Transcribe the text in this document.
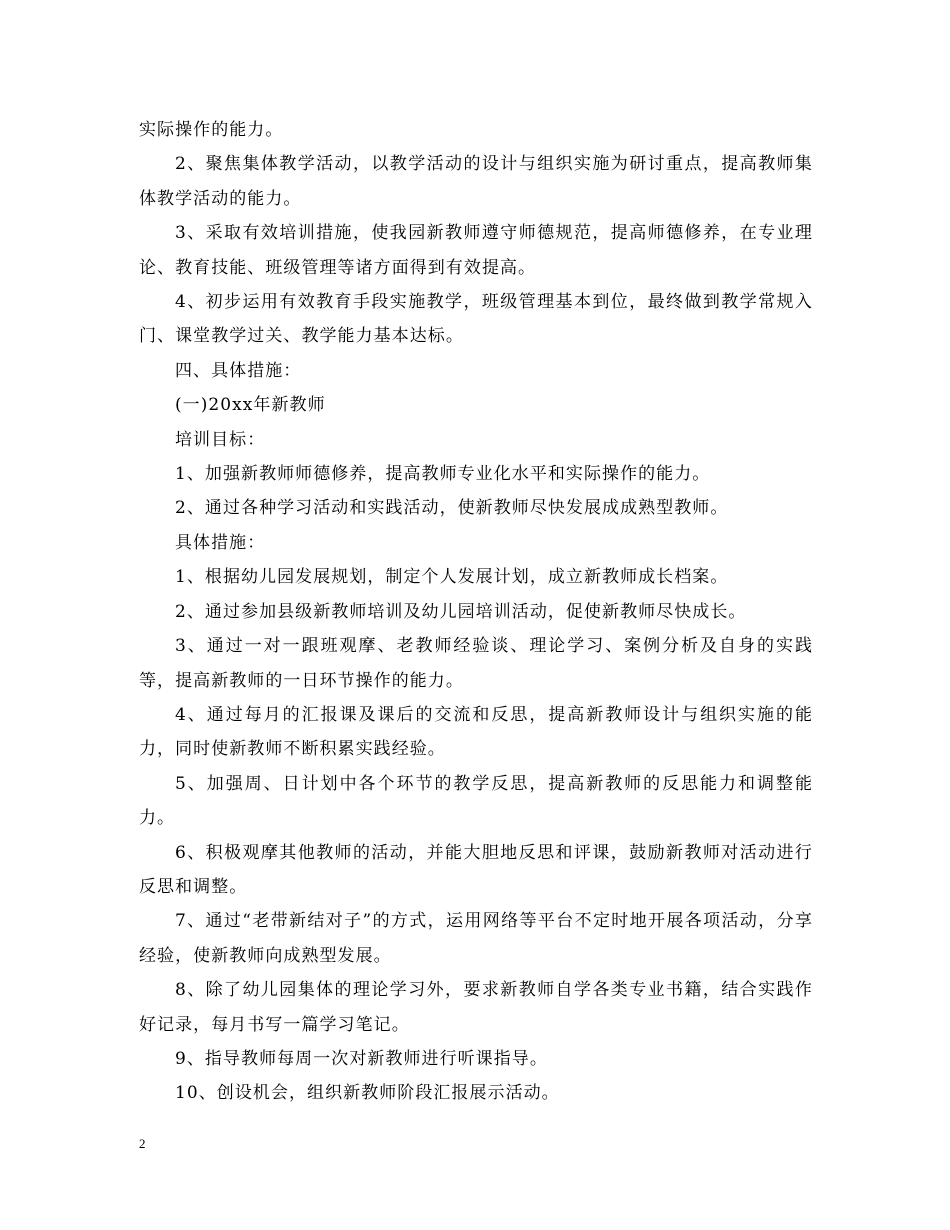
实际操作的能力。

2、聚焦集体教学活动，以教学活动的设计与组织实施为研讨重点，提高教师集体教学活动的能力。

3、采取有效培训措施，使我园新教师遵守师德规范，提高师德修养，在专业理论、教育技能、班级管理等诸方面得到有效提高。

4、初步运用有效教育手段实施教学，班级管理基本到位，最终做到教学常规入门、课堂教学过关、教学能力基本达标。

四、具体措施：

(一)20xx年新教师

培训目标：

1、加强新教师师德修养，提高教师专业化水平和实际操作的能力。

2、通过各种学习活动和实践活动，使新教师尽快发展成成熟型教师。

具体措施：

1、根据幼儿园发展规划，制定个人发展计划，成立新教师成长档案。

2、通过参加县级新教师培训及幼儿园培训活动，促使新教师尽快成长。

3、通过一对一跟班观摩、老教师经验谈、理论学习、案例分析及自身的实践等，提高新教师的一日环节操作的能力。

4、通过每月的汇报课及课后的交流和反思，提高新教师设计与组织实施的能力，同时使新教师不断积累实践经验。

5、加强周、日计划中各个环节的教学反思，提高新教师的反思能力和调整能力。

6、积极观摩其他教师的活动，并能大胆地反思和评课，鼓励新教师对活动进行反思和调整。

7、通过“老带新结对子”的方式，运用网络等平台不定时地开展各项活动，分享经验，使新教师向成熟型发展。

8、除了幼儿园集体的理论学习外，要求新教师自学各类专业书籍，结合实践作好记录，每月书写一篇学习笔记。

9、指导教师每周一次对新教师进行听课指导。

10、创设机会，组织新教师阶段汇报展示活动。

2
